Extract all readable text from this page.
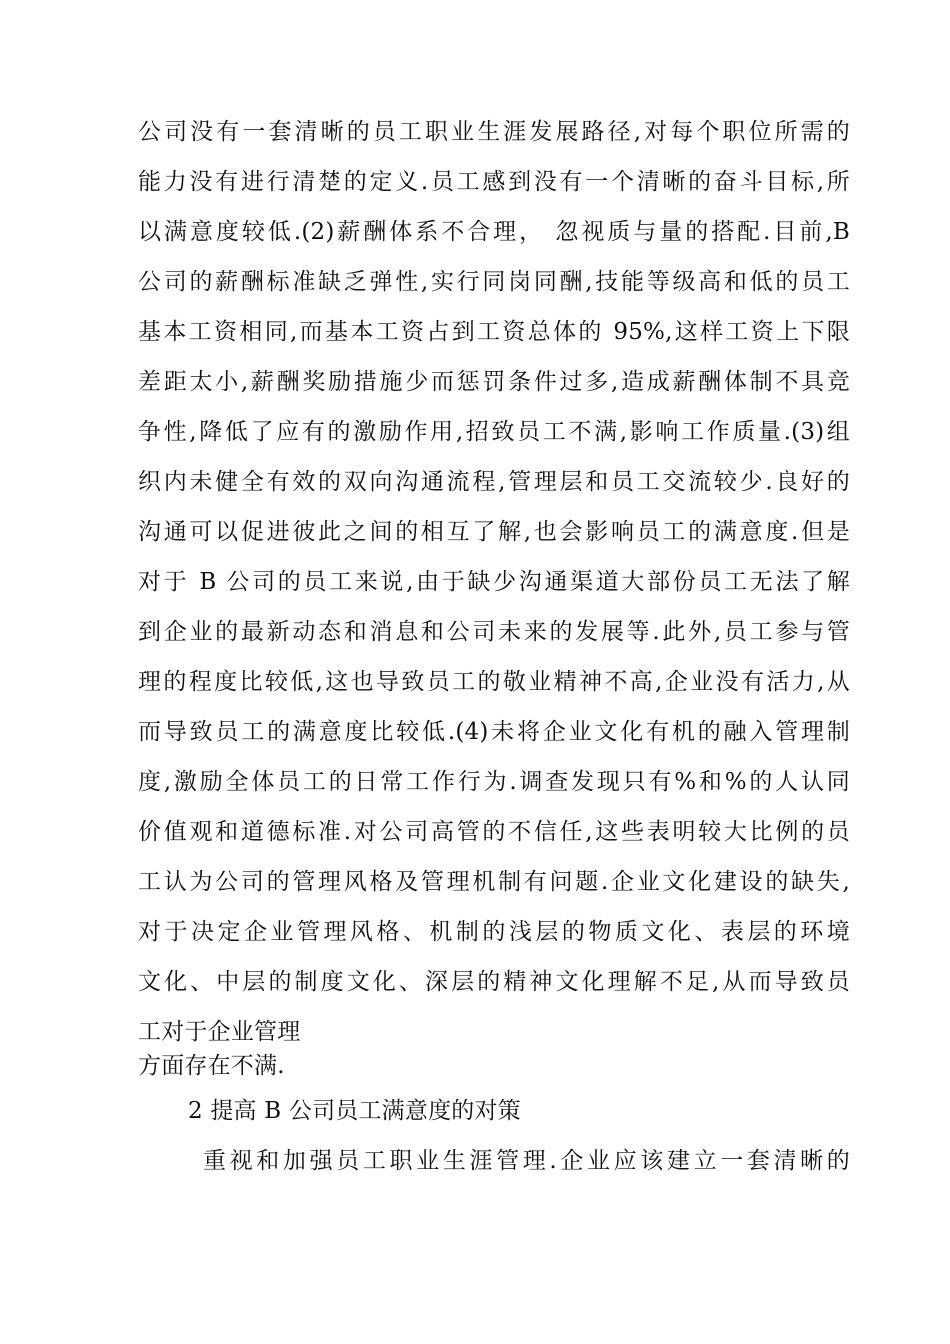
公司没有一套清晰的员工职业生涯发展路径,对每个职位所需的
能力没有进行清楚的定义.员工感到没有一个清晰的奋斗目标,所
以满意度较低.(2)薪酬体系不合理， 忽视质与量的搭配.目前,B
公司的薪酬标准缺乏弹性,实行同岗同酬,技能等级高和低的员工
基本工资相同,而基本工资占到工资总体的 95%,这样工资上下限
差距太小,薪酬奖励措施少而惩罚条件过多,造成薪酬体制不具竞
争性,降低了应有的激励作用,招致员工不满,影响工作质量.(3)组
织内未健全有效的双向沟通流程,管理层和员工交流较少.良好的
沟通可以促进彼此之间的相互了解,也会影响员工的满意度.但是
对于 B 公司的员工来说,由于缺少沟通渠道大部份员工无法了解
到企业的最新动态和消息和公司未来的发展等.此外,员工参与管
理的程度比较低,这也导致员工的敬业精神不高,企业没有活力,从
而导致员工的满意度比较低.(4)未将企业文化有机的融入管理制
度,激励全体员工的日常工作行为.调查发现只有%和%的人认同
价值观和道德标准.对公司高管的不信任,这些表明较大比例的员
工认为公司的管理风格及管理机制有问题.企业文化建设的缺失,
对于决定企业管理风格、机制的浅层的物质文化、表层的环境
文化、中层的制度文化、深层的精神文化理解不足,从而导致员
工对于企业管理
方面存在不满.
2 提高 B 公司员工满意度的对策
重视和加强员工职业生涯管理.企业应该建立一套清晰的
